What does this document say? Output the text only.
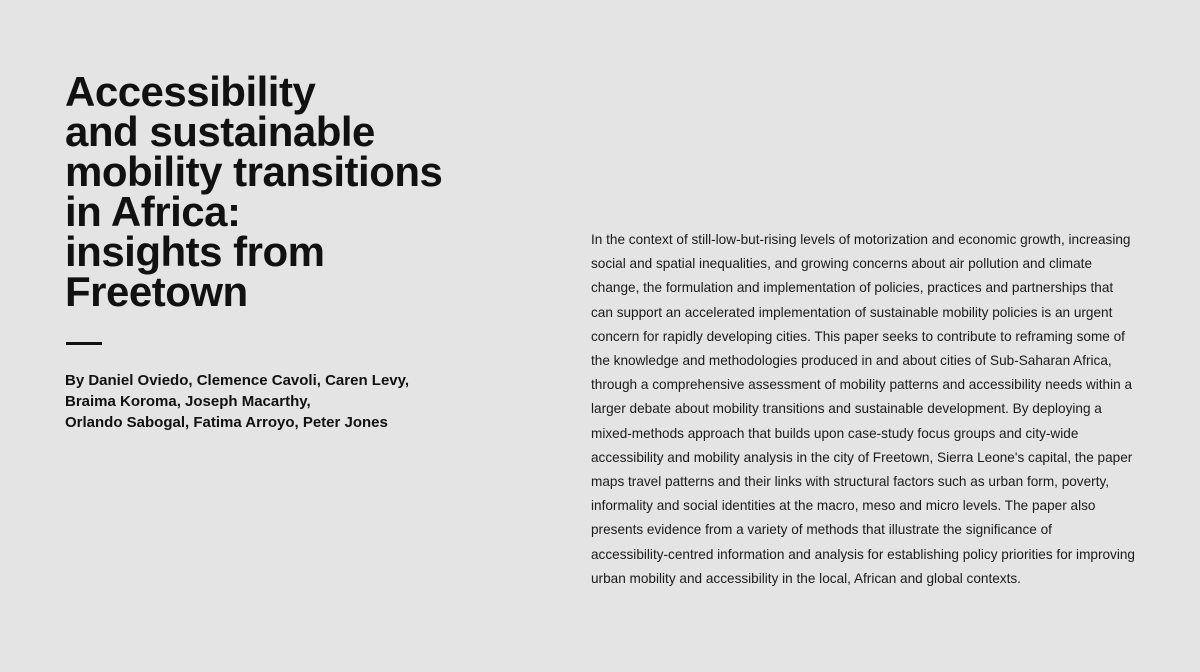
Accessibility
and sustainable
mobility transitions
in Africa:
insights from
Freetown
By Daniel Oviedo, Clemence Cavoli, Caren Levy,
Braima Koroma, Joseph Macarthy,
Orlando Sabogal, Fatima Arroyo, Peter Jones
In the context of still-low-but-rising levels of motorization and economic growth, increasing
social and spatial inequalities, and growing concerns about air pollution and climate
change, the formulation and implementation of policies, practices and partnerships that
can support an accelerated implementation of sustainable mobility policies is an urgent
concern for rapidly developing cities. This paper seeks to contribute to reframing some of
the knowledge and methodologies produced in and about cities of Sub-Saharan Africa,
through a comprehensive assessment of mobility patterns and accessibility needs within a
larger debate about mobility transitions and sustainable development. By deploying a
mixed-methods approach that builds upon case-study focus groups and city-wide
accessibility and mobility analysis in the city of Freetown, Sierra Leone's capital, the paper
maps travel patterns and their links with structural factors such as urban form, poverty,
informality and social identities at the macro, meso and micro levels. The paper also
presents evidence from a variety of methods that illustrate the significance of
accessibility-centred information and analysis for establishing policy priorities for improving
urban mobility and accessibility in the local, African and global contexts.
